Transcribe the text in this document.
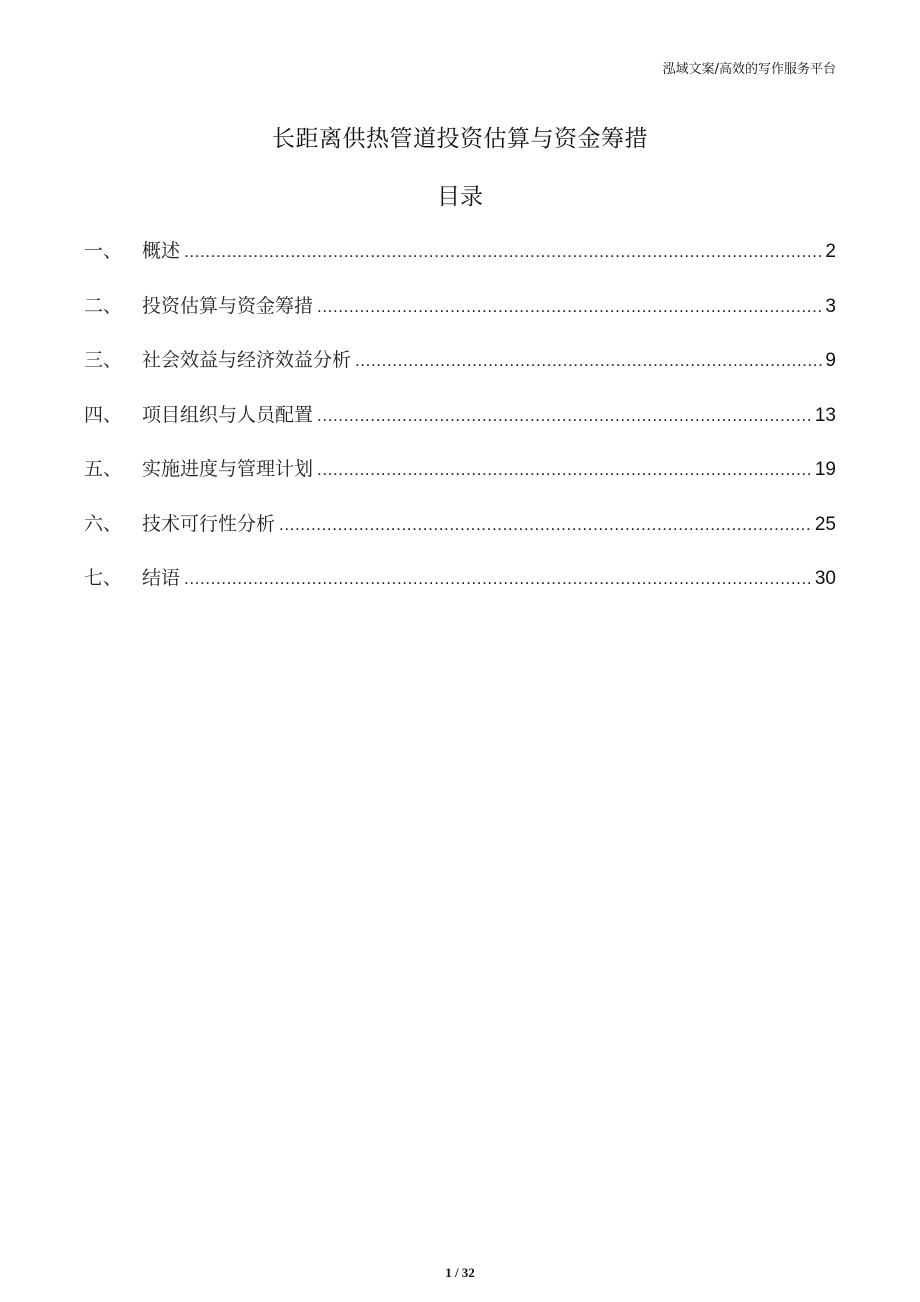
泓域文案/高效的写作服务平台
长距离供热管道投资估算与资金筹措
目录
一、	概述 .....	2
二、	投资估算与资金筹措 .....	3
三、	社会效益与经济效益分析 .....	9
四、	项目组织与人员配置 .....	13
五、	实施进度与管理计划 .....	19
六、	技术可行性分析 .....	25
七、	结语 .....	30
1 / 32
